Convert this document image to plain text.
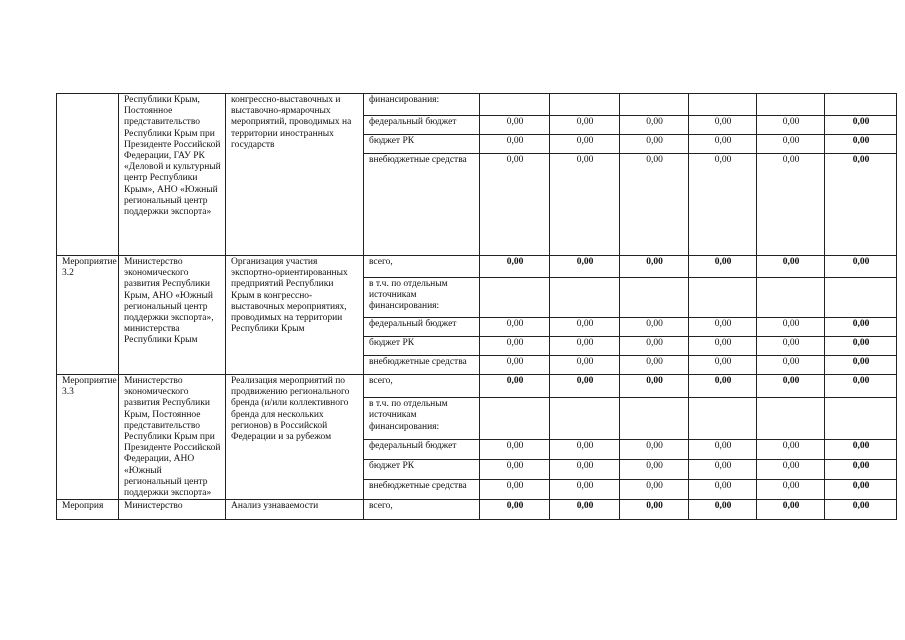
	Республики Крым, Постоянное представительство Республики Крым при Президенте Российской Федерации, ГАУ РК «Деловой и культурный центр Республики Крым», АНО «Южный региональный центр поддержки экспорта»	конгрессно-выставочных и выставочно-ярмарочных мероприятий, проводимых на территории иностранных государств	финансирования:						
			федеральный бюджет	0,00	0,00	0,00	0,00	0,00	0,00
			бюджет РК	0,00	0,00	0,00	0,00	0,00	0,00
			внебюджетные средства	0,00	0,00	0,00	0,00	0,00	0,00
Мероприятие 3.2	Министерство экономического развития Республики Крым, АНО «Южный региональный центр поддержки экспорта», министерства Республики Крым	Организация участия экспортно-ориентированных предприятий Республики Крым в конгрессно-выставочных мероприятиях, проводимых на территории Республики Крым	всего,	0,00	0,00	0,00	0,00	0,00	0,00
			в т.ч. по отдельным источникам финансирования:						
			федеральный бюджет	0,00	0,00	0,00	0,00	0,00	0,00
			бюджет РК	0,00	0,00	0,00	0,00	0,00	0,00
			внебюджетные средства	0,00	0,00	0,00	0,00	0,00	0,00
Мероприятие 3.3	Министерство экономического развития Республики Крым, Постоянное представительство Республики Крым при Президенте Российской Федерации, АНО «Южный региональный центр поддержки экспорта»	Реализация мероприятий по продвижению регионального бренда (и/или коллективного бренда для нескольких регионов) в Российской Федерации и за рубежом	всего,	0,00	0,00	0,00	0,00	0,00	0,00
			в т.ч. по отдельным источникам финансирования:						
			федеральный бюджет	0,00	0,00	0,00	0,00	0,00	0,00
			бюджет РК	0,00	0,00	0,00	0,00	0,00	0,00
			внебюджетные средства	0,00	0,00	0,00	0,00	0,00	0,00
Мероприя	Министерство	Анализ узнаваемости	всего,	0,00	0,00	0,00	0,00	0,00	0,00
